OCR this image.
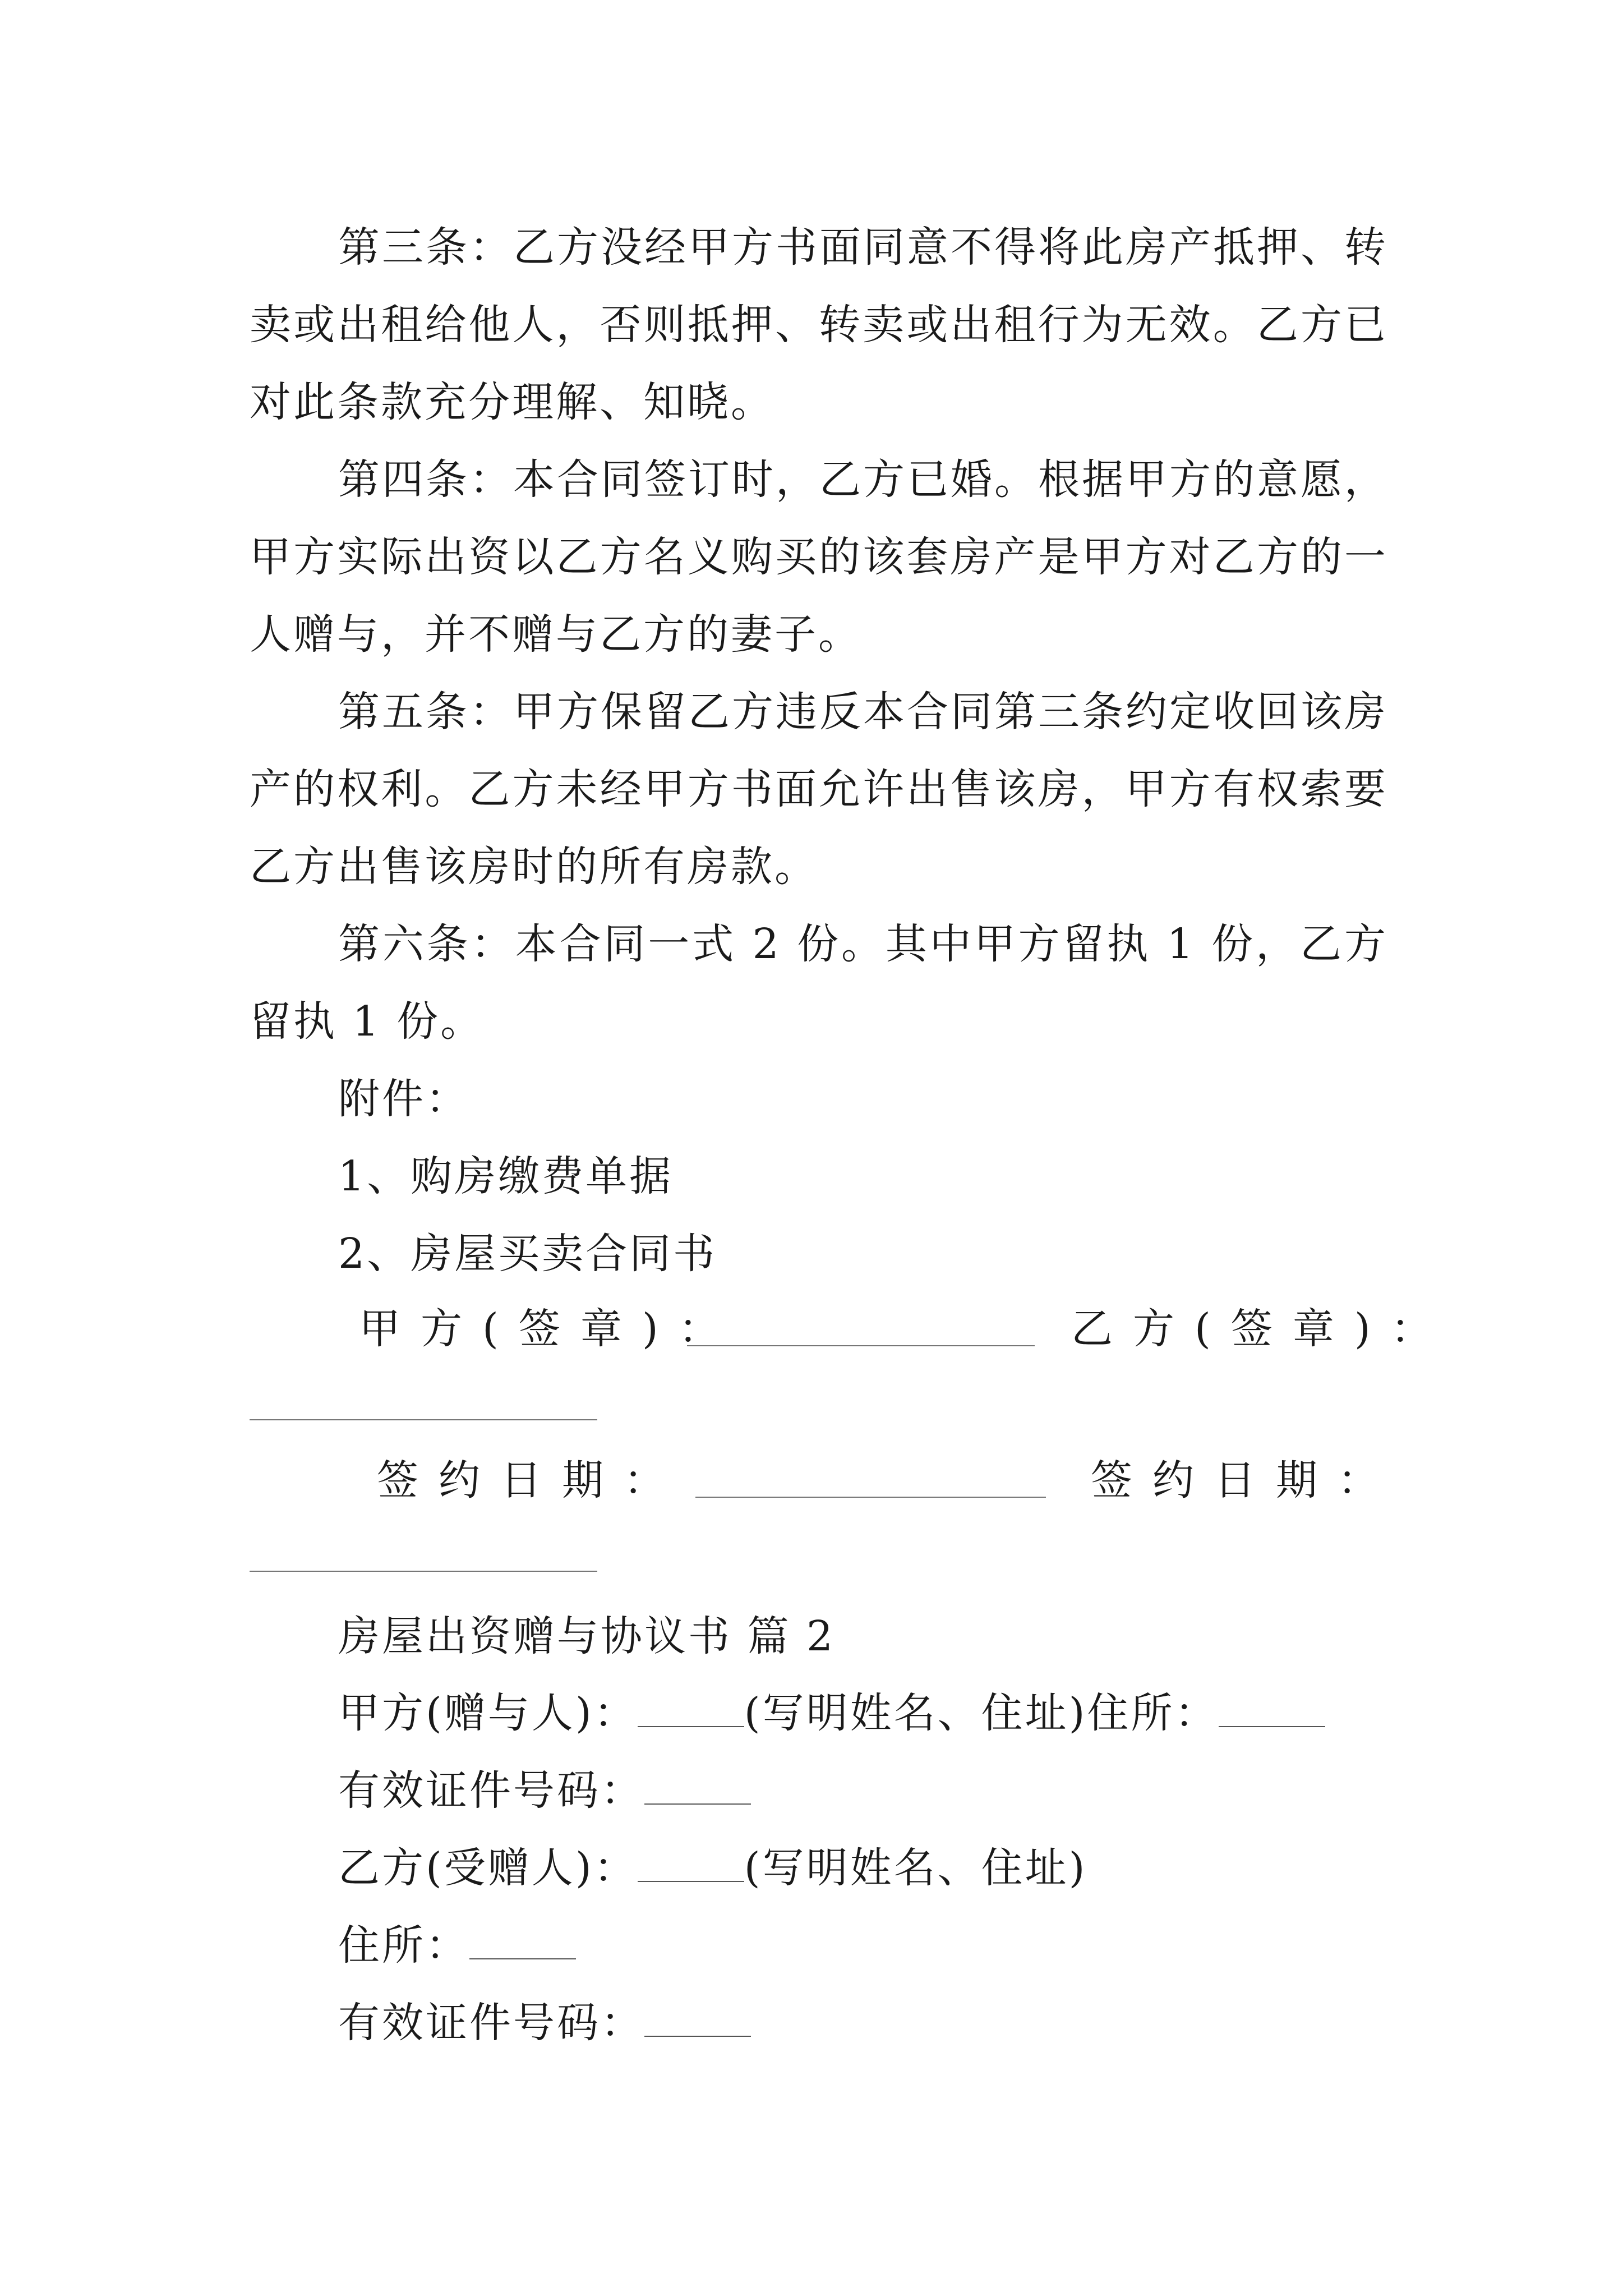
第三条：乙方没经甲方书面同意不得将此房产抵押、转卖或出租给他人，否则抵押、转卖或出租行为无效。乙方已对此条款充分理解、知晓。

第四条：本合同签订时，乙方已婚。根据甲方的意愿，甲方实际出资以乙方名义购买的该套房产是甲方对乙方的一人赠与，并不赠与乙方的妻子。

第五条：甲方保留乙方违反本合同第三条约定收回该房产的权利。乙方未经甲方书面允许出售该房，甲方有权索要乙方出售该房时的所有房款。

第六条：本合同一式 2 份。其中甲方留执 1 份，乙方留执 1 份。

附件：
1、购房缴费单据
2、房屋买卖合同书
甲方(签章)：	乙方(签章)：
签约日期：	签约日期：
房屋出资赠与协议书 篇 2
甲方(赠与人)：	(写明姓名、住址)住所：
有效证件号码：
乙方(受赠人)：	(写明姓名、住址)
住所：
有效证件号码：
